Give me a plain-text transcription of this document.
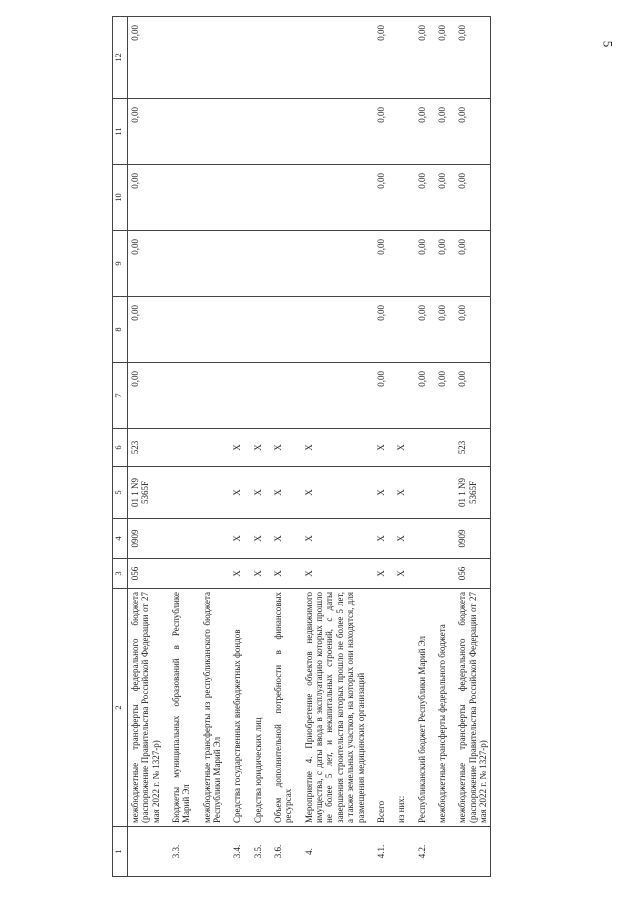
5
1	2	3	4	5	6	7	8	9	10	11	12
	межбюджетные трансферты федерального бюджета (распоряжение Правительства Российской Федерации от 27 мая 2022 г. № 1327-р)	056	0909	01 1 N9 5365F	523	0,00	0,00	0,00	0,00	0,00	0,00
3.3.	Бюджеты муниципальных образований в Республике Марий Эл										
	межбюджетные трансферты из республиканского бюджета Республики Марий Эл										
3.4.	Средства государственных внебюджетных фондов	X	X	X	X						
3.5.	Средства юридических лиц	X	X	X	X						
3.6.	Объем дополнительной потребности в финансовых ресурсах	X	X	X	X						
4.	Мероприятие 4. Приобретение объектов недвижимого имущества, с даты ввода в эксплуатацию которых прошло не более 5 лет, и некапитальных строений, с даты завершения строительства которых прошло не более 5 лет, а также земельных участков, на которых они находятся, для размещения медицинских организаций	X	X	X	X						
4.1.	Всего	X	X	X	X	0,00	0,00	0,00	0,00	0,00	0,00
	из них:	X	X	X	X						
4.2.	Республиканский бюджет Республики Марий Эл					0,00	0,00	0,00	0,00	0,00	0,00
	межбюджетные трансферты федерального бюджета					0,00	0,00	0,00	0,00	0,00	0,00
	межбюджетные трансферты федерального бюджета (распоряжение Правительства Российской Федерации от 27 мая 2022 г. № 1327-р)	056	0909	01 1 N9 5365F	523	0,00	0,00	0,00	0,00	0,00	0,00
